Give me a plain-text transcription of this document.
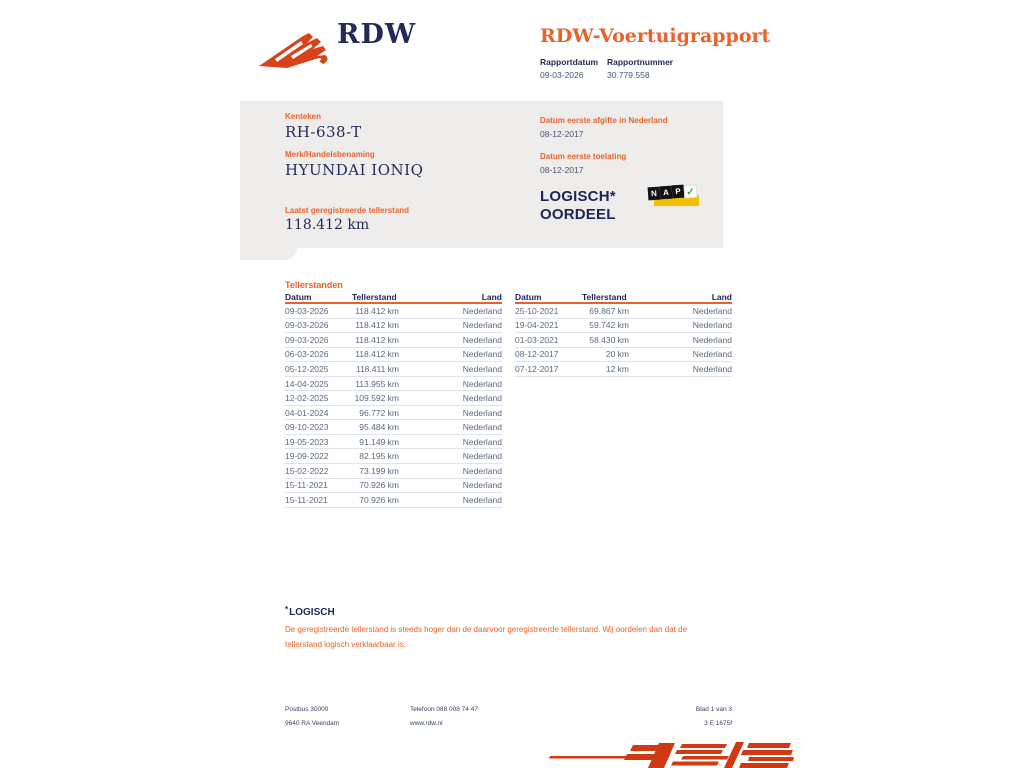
RDW	RDW-Voertuigrapport
Rapportdatum
09-03-2026
Rapportnummer
30.779.558
Kenteken
RH-638-T
Merk/Handelsbenaming
HYUNDAI IONIQ
Laatst geregistreerde tellerstand
118.412 km
Datum eerste afgifte in Nederland
08-12-2017
Datum eerste toelating
08-12-2017
LOGISCH*
OORDEEL
N A P ✓
Tellerstanden
Datum	Tellerstand	Land
09-03-2026	118.412 km	Nederland
09-03-2026	118.412 km	Nederland
09-03-2026	118.412 km	Nederland
06-03-2026	118.412 km	Nederland
05-12-2025	118.411 km	Nederland
14-04-2025	113.955 km	Nederland
12-02-2025	109.592 km	Nederland
04-01-2024	96.772 km	Nederland
09-10-2023	95.484 km	Nederland
19-05-2023	91.149 km	Nederland
19-09-2022	82.195 km	Nederland
15-02-2022	73.199 km	Nederland
15-11-2021	70.926 km	Nederland
15-11-2021	70.926 km	Nederland
Datum	Tellerstand	Land
25-10-2021	69.867 km	Nederland
19-04-2021	59.742 km	Nederland
01-03-2021	58.430 km	Nederland
08-12-2017	20 km	Nederland
07-12-2017	12 km	Nederland
*LOGISCH
De geregistreerde tellerstand is steeds hoger dan de daarvoor geregistreerde tellerstand. Wij oordelen dan dat de tellerstand logisch verklaarbaar is.
Postbus 30000
9640 RA Veendam
Telefoon 088 008 74 47
www.rdw.nl
Blad 1 van 3
3 E 1675f
